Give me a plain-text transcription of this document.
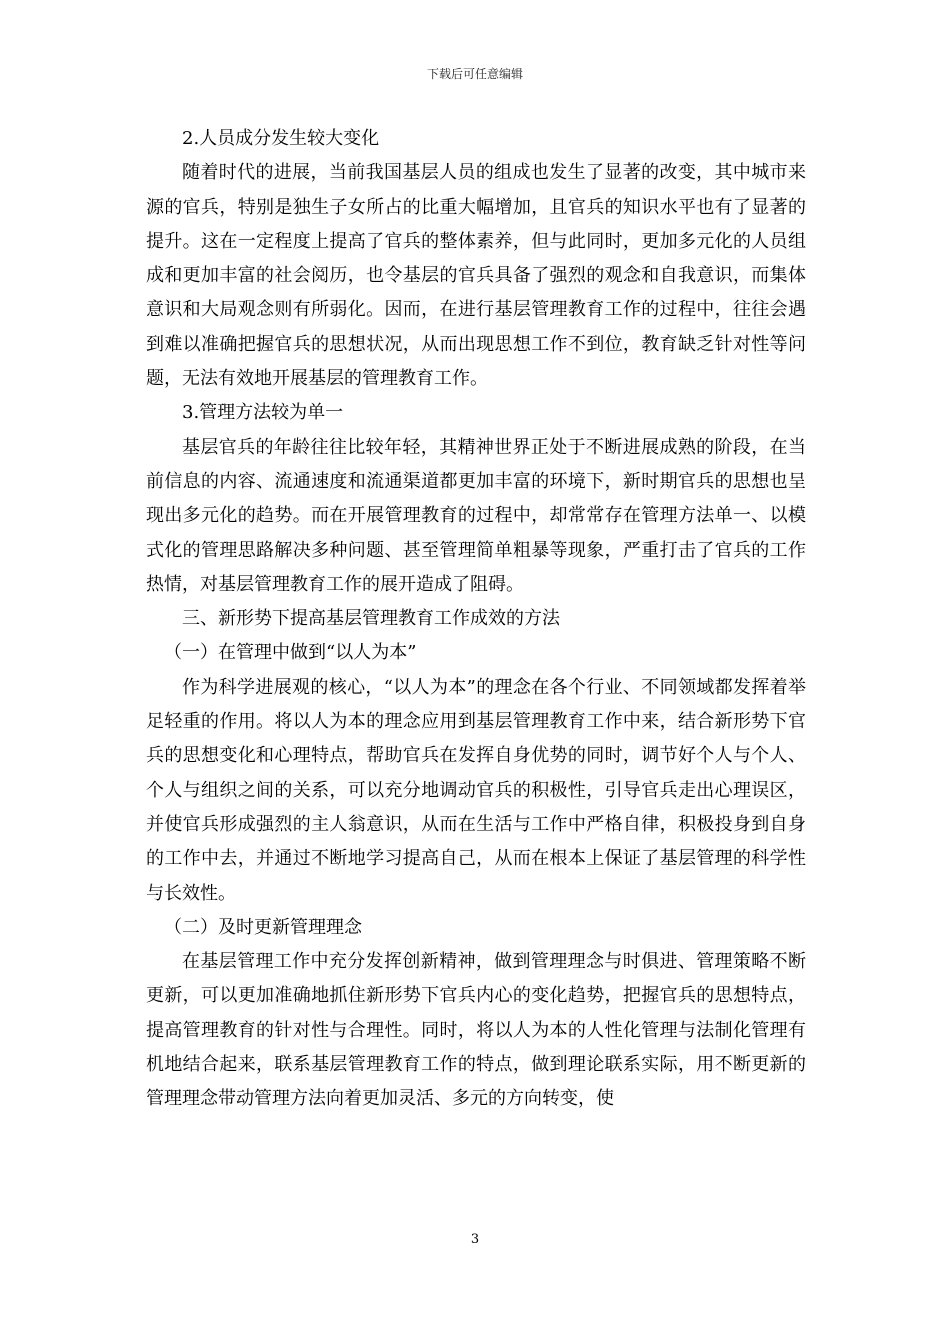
下载后可任意编辑
2.人员成分发生较大变化

随着时代的进展，当前我国基层人员的组成也发生了显著的改变，其中城市来源的官兵，特别是独生子女所占的比重大幅增加，且官兵的知识水平也有了显著的提升。这在一定程度上提高了官兵的整体素养，但与此同时，更加多元化的人员组成和更加丰富的社会阅历，也令基层的官兵具备了强烈的观念和自我意识，而集体意识和大局观念则有所弱化。因而，在进行基层管理教育工作的过程中，往往会遇到难以准确把握官兵的思想状况，从而出现思想工作不到位，教育缺乏针对性等问题，无法有效地开展基层的管理教育工作。

3.管理方法较为单一

基层官兵的年龄往往比较年轻，其精神世界正处于不断进展成熟的阶段，在当前信息的内容、流通速度和流通渠道都更加丰富的环境下，新时期官兵的思想也呈现出多元化的趋势。而在开展管理教育的过程中，却常常存在管理方法单一、以模式化的管理思路解决多种问题、甚至管理简单粗暴等现象，严重打击了官兵的工作热情，对基层管理教育工作的展开造成了阻碍。

三、新形势下提高基层管理教育工作成效的方法
（一）在管理中做到“以人为本”

作为科学进展观的核心，“以人为本”的理念在各个行业、不同领域都发挥着举足轻重的作用。将以人为本的理念应用到基层管理教育工作中来，结合新形势下官兵的思想变化和心理特点，帮助官兵在发挥自身优势的同时，调节好个人与个人、个人与组织之间的关系，可以充分地调动官兵的积极性，引导官兵走出心理误区，并使官兵形成强烈的主人翁意识，从而在生活与工作中严格自律，积极投身到自身的工作中去，并通过不断地学习提高自己，从而在根本上保证了基层管理的科学性与长效性。

（二）及时更新管理理念

在基层管理工作中充分发挥创新精神，做到管理理念与时俱进、管理策略不断更新，可以更加准确地抓住新形势下官兵内心的变化趋势，把握官兵的思想特点，提高管理教育的针对性与合理性。同时，将以人为本的人性化管理与法制化管理有机地结合起来，联系基层管理教育工作的特点，做到理论联系实际，用不断更新的管理理念带动管理方法向着更加灵活、多元的方向转变，使

3
